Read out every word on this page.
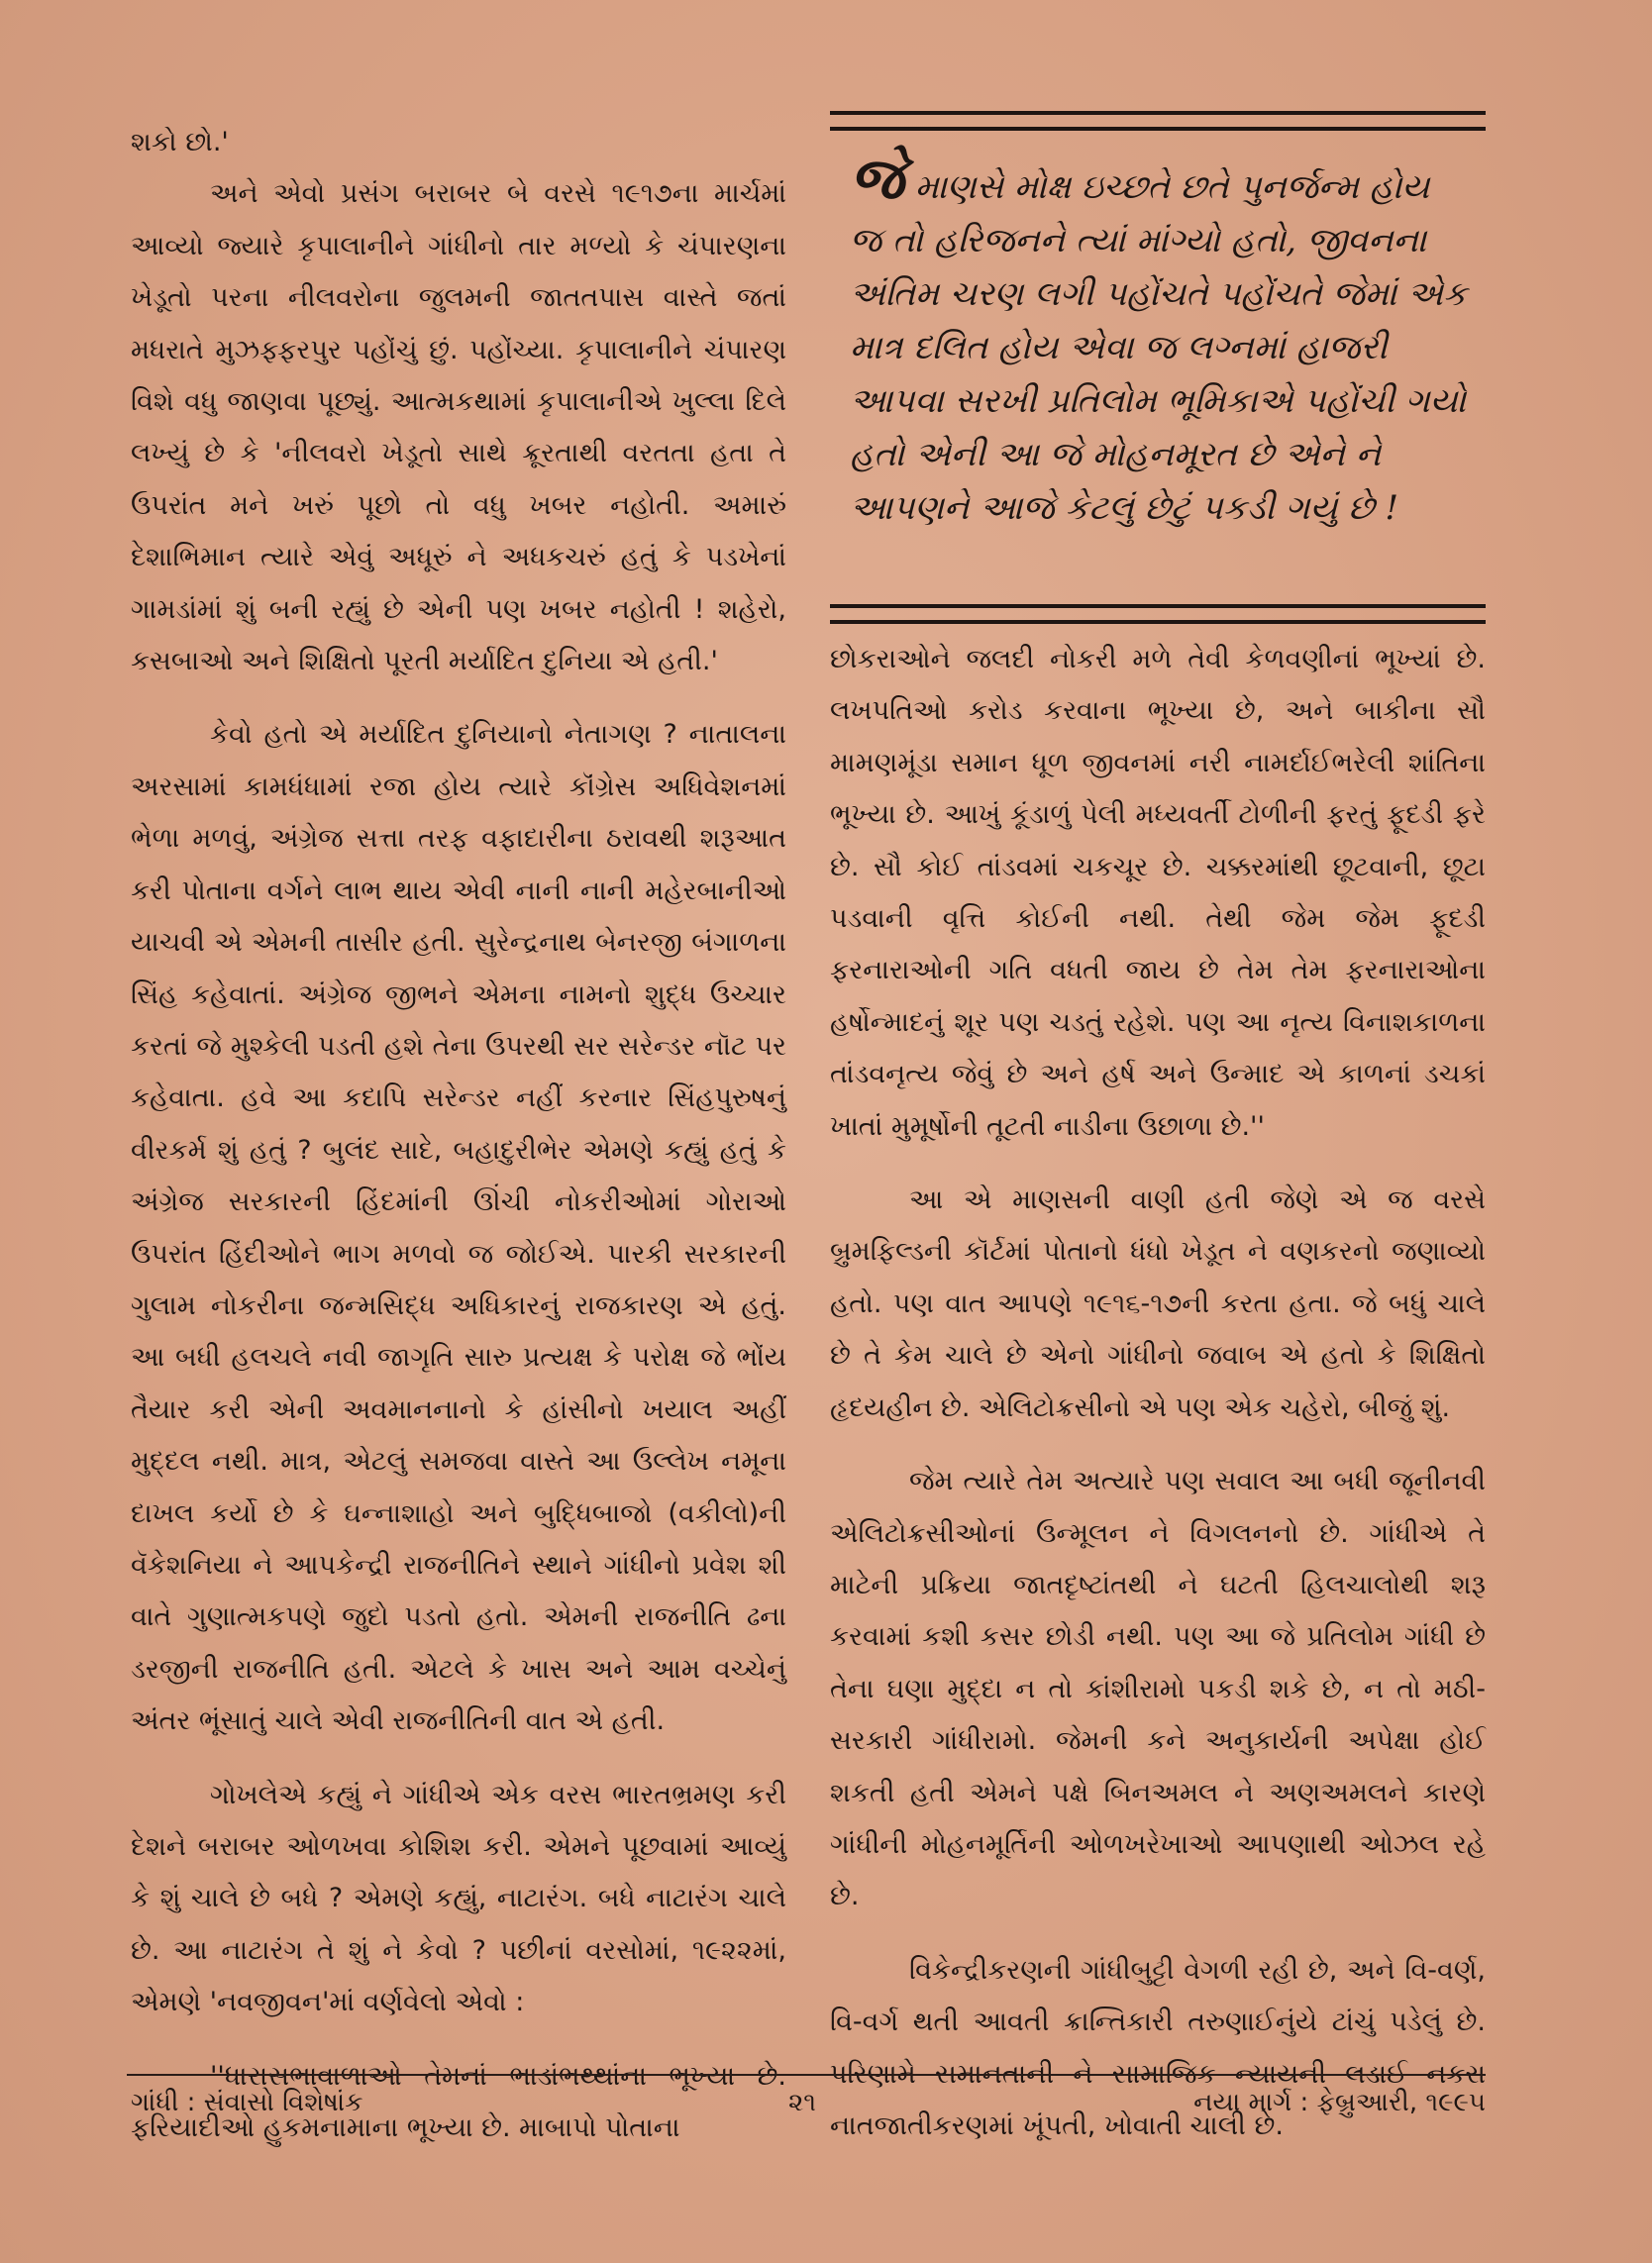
શકો છો.'

અને એવો પ્રસંગ બરાબર બે વરસે ૧૯૧૭ના માર્ચમાં આવ્યો જ્યારે કૃપાલાનીને ગાંધીનો તાર મળ્યો કે ચંપારણના ખેડૂતો પરના નીલવરોના જુલમની જાતતપાસ વાસ્તે જતાં મધરાતે મુઝફ્ફરપુર પહોંચું છું. પહોંચ્યા. કૃપાલાનીને ચંપારણ વિશે વધુ જાણવા પૂછ્યું. આત્મકથામાં કૃપાલાનીએ ખુલ્લા દિલે લખ્યું છે કે 'નીલવરો ખેડૂતો સાથે ક્રૂરતાથી વરતતા હતા તે ઉપરાંત મને ખરું પૂછો તો વધુ ખબર નહોતી. અમારું દેશાભિમાન ત્યારે એવું અધૂરું ને અધકચરું હતું કે પડખેનાં ગામડાંમાં શું બની રહ્યું છે એની પણ ખબર નહોતી ! શહેરો, કસબાઓ અને શિક્ષિતો પૂરતી મર્યાદિત દુનિયા એ હતી.'

કેવો હતો એ મર્યાદિત દુનિયાનો નેતાગણ ? નાતાલના અરસામાં કામધંધામાં રજા હોય ત્યારે કૉંગ્રેસ અધિવેશનમાં ભેળા મળવું, અંગ્રેજ સત્તા તરફ વફાદારીના ઠરાવથી શરૂઆત કરી પોતાના વર્ગને લાભ થાય એવી નાની નાની મહેરબાનીઓ યાચવી એ એમની તાસીર હતી. સુરેન્દ્રનાથ બેનરજી બંગાળના સિંહ કહેવાતાં. અંગ્રેજ જીભને એમના નામનો શુદ્ધ ઉચ્ચાર કરતાં જે મુશ્કેલી પડતી હશે તેના ઉપરથી સર સરેન્ડર નૉટ પર કહેવાતા. હવે આ કદાપિ સરેન્ડર નહીં કરનાર સિંહપુરુષનું વીરકર્મ શું હતું ? બુલંદ સાદે, બહાદુરીભેર એમણે કહ્યું હતું કે અંગ્રેજ સરકારની હિંદમાંની ઊંચી નોકરીઓમાં ગોરાઓ ઉપરાંત હિંદીઓને ભાગ મળવો જ જોઈએ. પારકી સરકારની ગુલામ નોકરીના જન્મસિદ્ધ અધિકારનું રાજકારણ એ હતું. આ બધી હલચલે નવી જાગૃતિ સારુ પ્રત્યક્ષ કે પરોક્ષ જે ભોંય તૈયાર કરી એની અવમાનનાનો કે હાંસીનો ખયાલ અહીં મુદ્દલ નથી. માત્ર, એટલું સમજવા વાસ્તે આ ઉલ્લેખ નમૂના દાખલ કર્યો છે કે ઘન્નાશાહો અને બુદ્ધિબાજો (વકીલો)ની વૅકેશનિયા ને આપકેન્દ્રી રાજનીતિને સ્થાને ગાંધીનો પ્રવેશ શી વાતે ગુણાત્મકપણે જુદો પડતો હતો. એમની રાજનીતિ ઢના ડરજીની રાજનીતિ હતી. એટલે કે ખાસ અને આમ વચ્ચેનું અંતર ભૂંસાતું ચાલે એવી રાજનીતિની વાત એ હતી.

ગોખલેએ કહ્યું ને ગાંધીએ એક વરસ ભારતભ્રમણ કરી દેશને બરાબર ઓળખવા કોશિશ કરી. એમને પૂછવામાં આવ્યું કે શું ચાલે છે બધે ? એમણે કહ્યું, નાટારંગ. બધે નાટારંગ ચાલે છે. આ નાટારંગ તે શું ને કેવો ? પછીનાં વરસોમાં, ૧૯૨૨માં, એમણે 'નવજીવન'માં વર્ણવેલો એવો :

''ધારાસભાવાળાઓ તેમનાં ભાડાંભથ્થાંના ભૂખ્યા છે. ફરિયાદીઓ હુકમનામાના ભૂખ્યા છે. માબાપો પોતાના

જે માણસે મોક્ષ ઇચ્છતે છતે પુનર્જન્મ હોય જ તો હરિજનને ત્યાં માંગ્યો હતો, જીવનના અંતિમ ચરણ લગી પહોંચતે પહોંચતે જેમાં એક માત્ર દલિત હોય એવા જ લગ્નમાં હાજરી આપવા સરખી પ્રતિલોમ ભૂમિકાએ પહોંચી ગયો હતો એની આ જે મોહનમૂરત છે એને ને આપણને આજે કેટલું છેટું પકડી ગયું છે !

છોકરાઓને જલદી નોકરી મળે તેવી કેળવણીનાં ભૂખ્યાં છે. લખપતિઓ કરોડ કરવાના ભૂખ્યા છે, અને બાકીના સૌ મામણમૂંડા સમાન ધૂળ જીવનમાં નરી નામર્દાઈભરેલી શાંતિના ભૂખ્યા છે. આખું કૂંડાળું પેલી મધ્યવર્તી ટોળીની ફરતું ફૂદડી ફરે છે. સૌ કોઈ તાંડવમાં ચકચૂર છે. ચક્કરમાંથી છૂટવાની, છૂટા પડવાની વૃત્તિ કોઈની નથી. તેથી જેમ જેમ ફૂદડી ફરનારાઓની ગતિ વધતી જાય છે તેમ તેમ ફરનારાઓના હર્ષોન્માદનું શૂર પણ ચડતું રહેશે. પણ આ નૃત્ય વિનાશકાળના તાંડવનૃત્ય જેવું છે અને હર્ષ અને ઉન્માદ એ કાળનાં ડચકાં ખાતાં મુમૂર્ષોની તૂટતી નાડીના ઉછાળા છે.''

આ એ માણસની વાણી હતી જેણે એ જ વરસે બ્રુમફિલ્ડની કૉર્ટમાં પોતાનો ધંધો ખેડૂત ને વણકરનો જણાવ્યો હતો. પણ વાત આપણે ૧૯૧૬-૧૭ની કરતા હતા. જે બધું ચાલે છે તે કેમ ચાલે છે એનો ગાંધીનો જવાબ એ હતો કે શિક્ષિતો હૃદયહીન છે. એલિટોક્રસીનો એ પણ એક ચહેરો, બીજું શું.

જેમ ત્યારે તેમ અત્યારે પણ સવાલ આ બધી જૂનીનવી એલિટોક્રસીઓનાં ઉન્મૂલન ને વિગલનનો છે. ગાંધીએ તે માટેની પ્રક્રિયા જાતદૃષ્ટાંતથી ને ઘટતી હિલચાલોથી શરૂ કરવામાં કશી કસર છોડી નથી. પણ આ જે પ્રતિલોમ ગાંધી છે તેના ઘણા મુદ્દા ન તો કાંશીરામો પકડી શકે છે, ન તો મઠી-સરકારી ગાંધીરામો. જેમની કને અનુકાર્યની અપેક્ષા હોઈ શકતી હતી એમને પક્ષે બિનઅમલ ને અણઅમલને કારણે ગાંધીની મોહનમૂર્તિની ઓળખરેખાઓ આપણાથી ઓઝલ રહે છે.

વિકેન્દ્રીકરણની ગાંધીબુટ્ટી વેગળી રહી છે, અને વિ-વર્ણ, વિ-વર્ગ થતી આવતી ક્રાન્તિકારી તરુણાઈનુંયે ટાંચું પડેલું છે. પરિણામે સમાનતાની ને સામાજિક ન્યાયની લડાઈ નકરા નાતજાતીકરણમાં ખૂંપતી, ખોવાતી ચાલી છે.

ગાંધી : સંવાસો વિશેષાંક	૨૧	નયા માર્ગ : ફેબ્રુઆરી, ૧૯૯૫
